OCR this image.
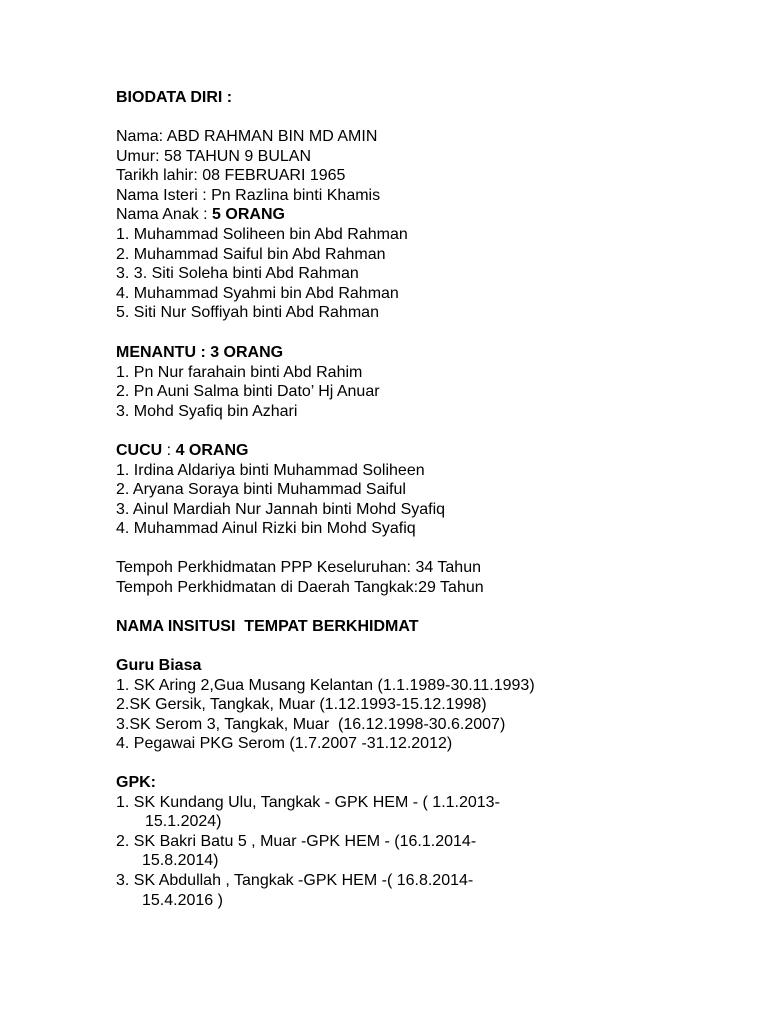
BIODATA DIRI :
Nama: ABD RAHMAN BIN MD AMIN
Umur: 58 TAHUN 9 BULAN
Tarikh lahir: 08 FEBRUARI 1965
Nama Isteri : Pn Razlina binti Khamis
Nama Anak : 5 ORANG
1. Muhammad Soliheen bin Abd Rahman
2. Muhammad Saiful bin Abd Rahman
3. 3. Siti Soleha binti Abd Rahman
4. Muhammad Syahmi bin Abd Rahman
5. Siti Nur Soffiyah binti Abd Rahman
MENANTU : 3 ORANG
1. Pn Nur farahain binti Abd Rahim
2. Pn Auni Salma binti Dato’ Hj Anuar
3. Mohd Syafiq bin Azhari
CUCU : 4 ORANG
1. Irdina Aldariya binti Muhammad Soliheen
2. Aryana Soraya binti Muhammad Saiful
3. Ainul Mardiah Nur Jannah binti Mohd Syafiq
4. Muhammad Ainul Rizki bin Mohd Syafiq
Tempoh Perkhidmatan PPP Keseluruhan: 34 Tahun
Tempoh Perkhidmatan di Daerah Tangkak:29 Tahun
NAMA INSITUSI  TEMPAT BERKHIDMAT
Guru Biasa
1. SK Aring 2,Gua Musang Kelantan (1.1.1989-30.11.1993)
2.SK Gersik, Tangkak, Muar (1.12.1993-15.12.1998)
3.SK Serom 3, Tangkak, Muar  (16.12.1998-30.6.2007)
4. Pegawai PKG Serom (1.7.2007 -31.12.2012)
GPK:
1. SK Kundang Ulu, Tangkak - GPK HEM - ( 1.1.2013-
15.1.2024)
2. SK Bakri Batu 5 , Muar -GPK HEM - (16.1.2014-
15.8.2014)
3. SK Abdullah , Tangkak -GPK HEM -( 16.8.2014-
15.4.2016 )
